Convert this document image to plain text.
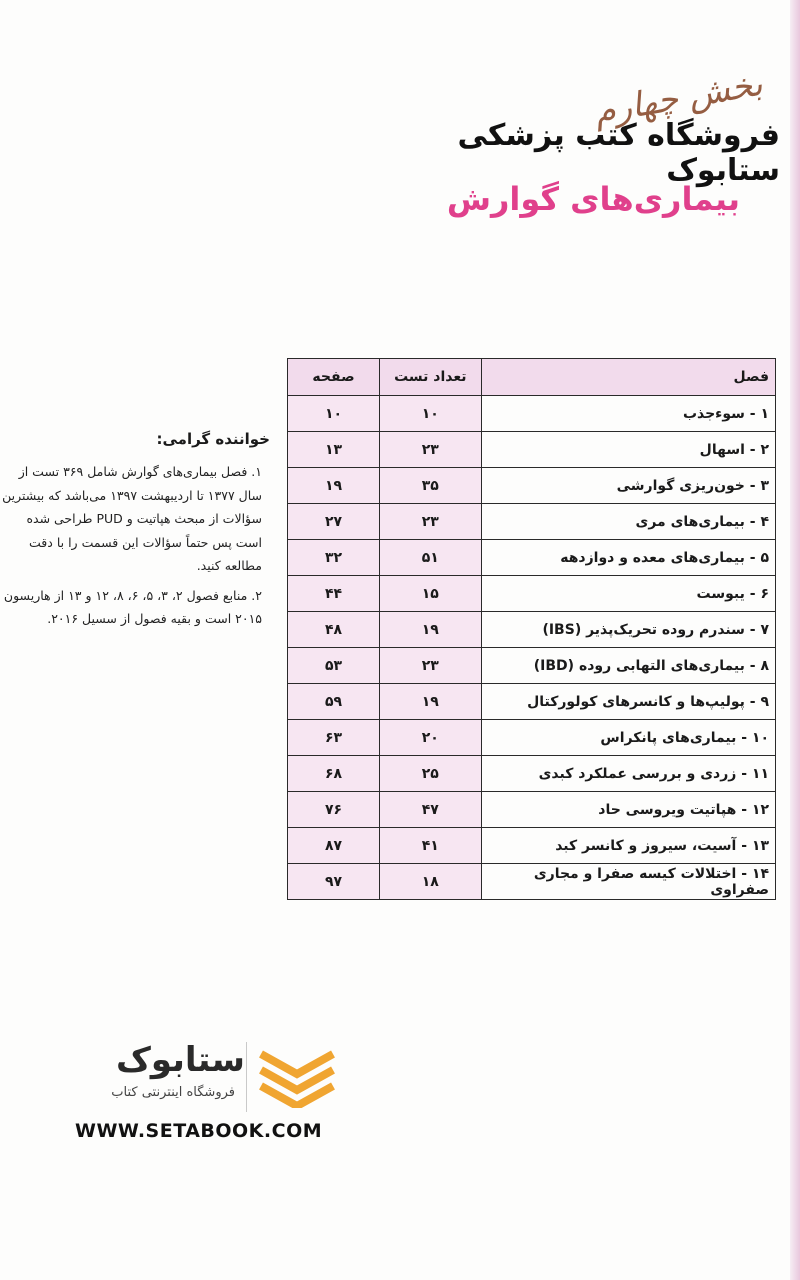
بخش چهارم
فروشگاه کتب پزشکی ستابوک
بیماری‌های گوارش
خواننده گرامی:

۱. فصل بیماری‌های گوارش شامل ۳۶۹ تست از سال ۱۳۷۷ تا اردیبهشت ۱۳۹۷ می‌باشد که بیشترین سؤالات از مبحث هپاتیت و PUD طراحی شده است پس حتماً سؤالات این قسمت را با دقت مطالعه کنید.

۲. منابع فصول ۲، ۳، ۵، ۶، ۸، ۱۲ و ۱۳ از هاریسون ۲۰۱۵ است و بقیه فصول از سسیل ۲۰۱۶.

فصل	تعداد تست	صفحه
۱ - سوءجذب	۱۰	۱۰
۲ - اسهال	۲۳	۱۳
۳ - خون‌ریزی گوارشی	۳۵	۱۹
۴ - بیماری‌های مری	۲۳	۲۷
۵ - بیماری‌های معده و دوازدهه	۵۱	۳۲
۶ - یبوست	۱۵	۴۴
۷ - سندرم روده تحریک‌پذیر (IBS)	۱۹	۴۸
۸ - بیماری‌های التهابی روده (IBD)	۲۳	۵۳
۹ - پولیپ‌ها و کانسرهای کولورکتال	۱۹	۵۹
۱۰ - بیماری‌های پانکراس	۲۰	۶۳
۱۱ - زردی و بررسی عملکرد کبدی	۲۵	۶۸
۱۲ - هپاتیت ویروسی حاد	۴۷	۷۶
۱۳ - آسیت، سیروز و کانسر کبد	۴۱	۸۷
۱۴ - اختلالات کیسه صفرا و مجاری صفراوی	۱۸	۹۷
ستابوک
فروشگاه اینترنتی کتاب
WWW.SETABOOK.COM
